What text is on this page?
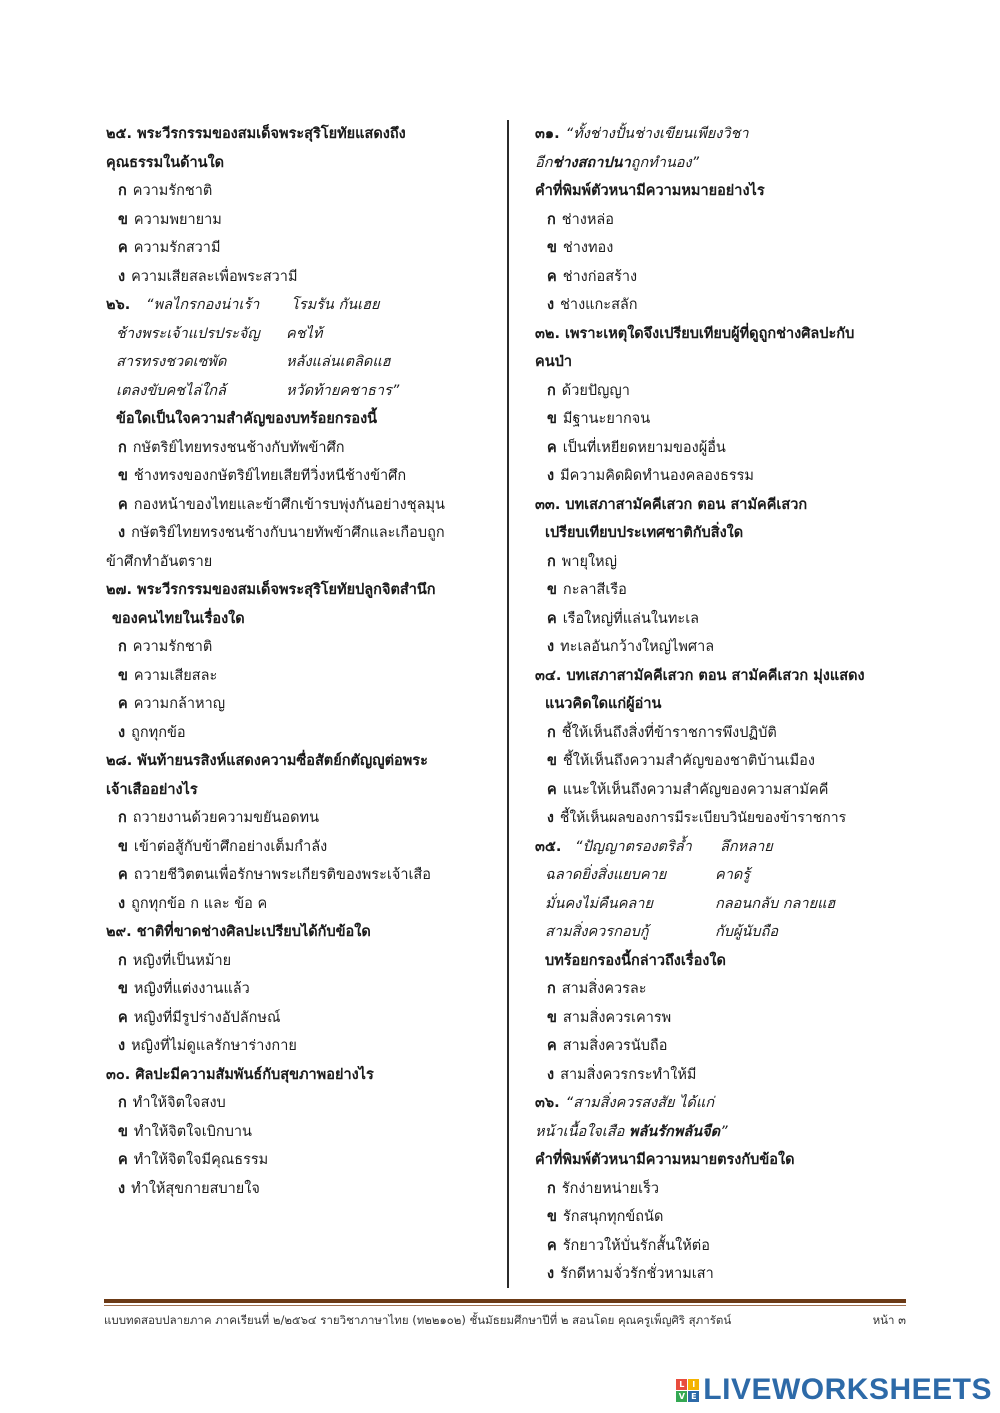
๒๕. พระวีรกรรมของสมเด็จพระสุริโยทัยแสดงถึง
คุณธรรมในด้านใด
ก ความรักชาติ
ข ความพยายาม
ค ความรักสวามี
ง ความเสียสละเพื่อพระสวามี
๒๖.	“พลไกรกองน่าเร้า	โรมรัน กันเฮย
ช้างพระเจ้าแปรประจัญ	คชไท้
สารทรงชวดเซพัด	หลังแล่นเตลิดแฮ
เตลงขับคชไล่ใกล้	หวัดท้ายคชาธาร”
ข้อใดเป็นใจความสำคัญของบทร้อยกรองนี้
ก กษัตริย์ไทยทรงชนช้างกับทัพข้าศึก
ข ช้างทรงของกษัตริย์ไทยเสียทีวิ่งหนีช้างข้าศึก
ค กองหน้าของไทยและข้าศึกเข้ารบพุ่งกันอย่างชุลมุน
ง กษัตริย์ไทยทรงชนช้างกับนายทัพข้าศึกและเกือบถูก
ข้าศึกทำอันตราย
๒๗. พระวีรกรรมของสมเด็จพระสุริโยทัยปลูกจิตสำนึก
ของคนไทยในเรื่องใด
ก ความรักชาติ
ข ความเสียสละ
ค ความกล้าหาญ
ง ถูกทุกข้อ
๒๘. พันท้ายนรสิงห์แสดงความซื่อสัตย์กตัญญูต่อพระ
เจ้าเสืออย่างไร
ก ถวายงานด้วยความขยันอดทน
ข เข้าต่อสู้กับข้าศึกอย่างเต็มกำลัง
ค ถวายชีวิตตนเพื่อรักษาพระเกียรติของพระเจ้าเสือ
ง ถูกทุกข้อ ก และ ข้อ ค
๒๙. ชาติที่ขาดช่างศิลปะเปรียบได้กับข้อใด
ก หญิงที่เป็นหม้าย
ข หญิงที่แต่งงานแล้ว
ค หญิงที่มีรูปร่างอัปลักษณ์
ง หญิงที่ไม่ดูแลรักษาร่างกาย
๓๐. ศิลปะมีความสัมพันธ์กับสุขภาพอย่างไร
ก ทำให้จิตใจสงบ
ข ทำให้จิตใจเบิกบาน
ค ทำให้จิตใจมีคุณธรรม
ง ทำให้สุขกายสบายใจ
๓๑. “ทั้งช่างปั้นช่างเขียนเพียงวิชา
อีกช่างสถาปนาถูกทำนอง”
คำที่พิมพ์ตัวหนามีความหมายอย่างไร
ก ช่างหล่อ
ข ช่างทอง
ค ช่างก่อสร้าง
ง ช่างแกะสลัก
๓๒. เพราะเหตุใดจึงเปรียบเทียบผู้ที่ดูถูกช่างศิลปะกับ
คนป่า
ก ด้วยปัญญา
ข มีฐานะยากจน
ค เป็นที่เหยียดหยามของผู้อื่น
ง มีความคิดผิดทำนองคลองธรรม
๓๓. บทเสภาสามัคคีเสวก ตอน สามัคคีเสวก
เปรียบเทียบประเทศชาติกับสิ่งใด
ก พายุใหญ่
ข กะลาสีเรือ
ค เรือใหญ่ที่แล่นในทะเล
ง ทะเลอันกว้างใหญ่ไพศาล
๓๔. บทเสภาสามัคคีเสวก ตอน สามัคคีเสวก มุ่งแสดง
แนวคิดใดแก่ผู้อ่าน
ก ชี้ให้เห็นถึงสิ่งที่ข้าราชการพึงปฏิบัติ
ข ชี้ให้เห็นถึงความสำคัญของชาติบ้านเมือง
ค แนะให้เห็นถึงความสำคัญของความสามัคคี
ง ชี้ให้เห็นผลของการมีระเบียบวินัยของข้าราชการ
๓๕. “ปัญญาตรองตริล้ำ	ลึกหลาย
ฉลาดยิ่งสิ่งแยบคาย	คาดรู้
มั่นคงไม่คืนคลาย	กลอนกลับ กลายแฮ
สามสิ่งควรกอบกู้	กับผู้นับถือ
บทร้อยกรองนี้กล่าวถึงเรื่องใด
ก สามสิ่งควรละ
ข สามสิ่งควรเคารพ
ค สามสิ่งควรนับถือ
ง สามสิ่งควรกระทำให้มี
๓๖. “สามสิ่งควรสงสัย ได้แก่
หน้าเนื้อใจเสือ พลันรักพลันจืด”
คำที่พิมพ์ตัวหนามีความหมายตรงกับข้อใด
ก รักง่ายหน่ายเร็ว
ข รักสนุกทุกข์ถนัด
ค รักยาวให้บั่นรักสั้นให้ต่อ
ง รักดีหามจั่วรักชั่วหามเสา
แบบทดสอบปลายภาค ภาคเรียนที่ ๒/๒๕๖๔ รายวิชาภาษาไทย (ท๒๒๑๐๒) ชั้นมัธยมศึกษาปีที่ ๒ สอนโดย คุณครูเพ็ญศิริ สุภารัตน์	หน้า ๓
L I
V E LIVEWORKSHEETS
